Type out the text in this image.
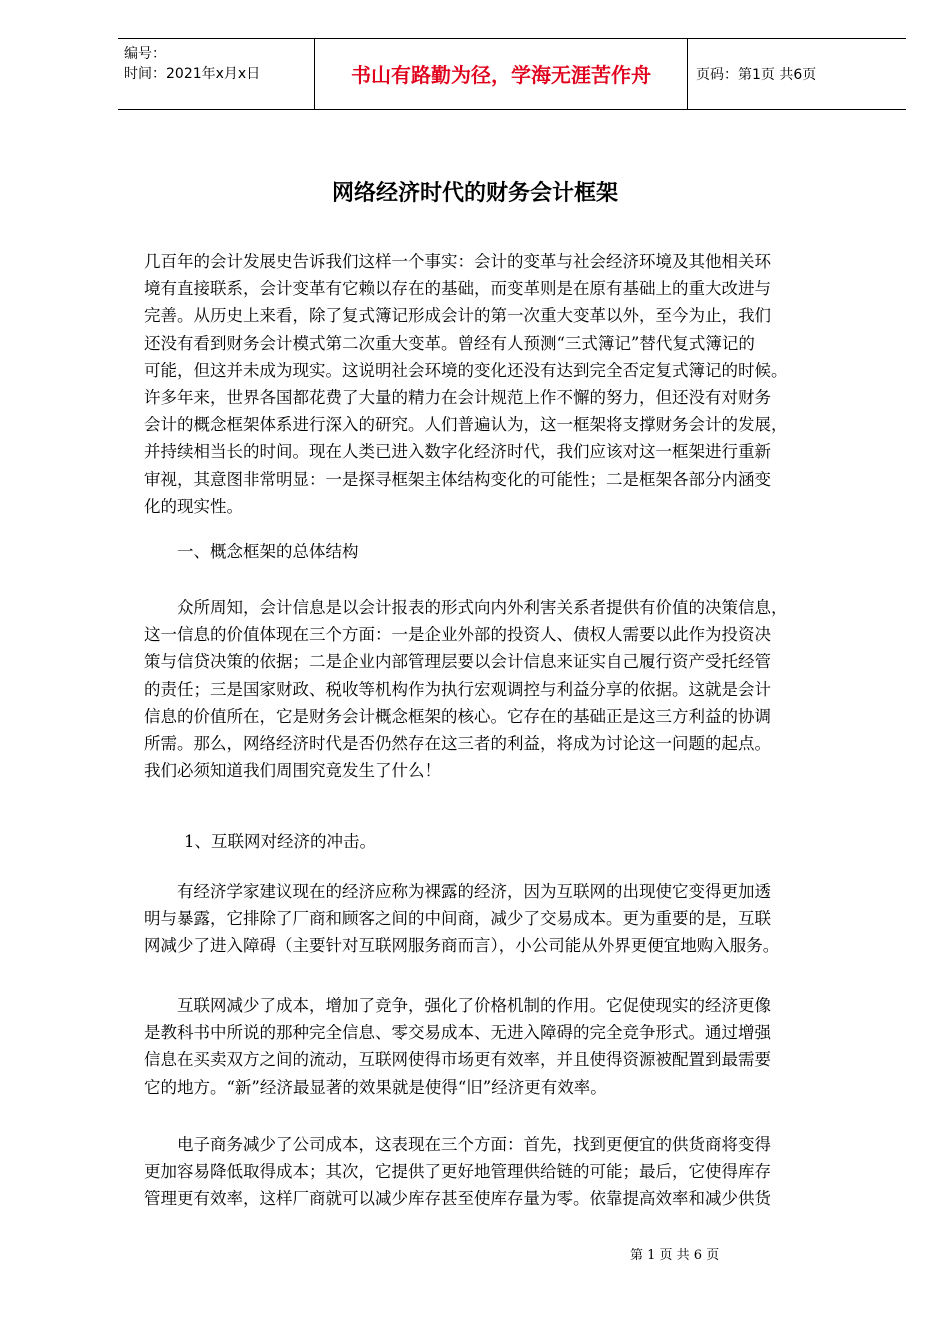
编号：
时间：2021年x月x日	书山有路勤为径，学海无涯苦作舟	页码：第1页 共6页
网络经济时代的财务会计框架
几百年的会计发展史告诉我们这样一个事实：会计的变革与社会经济环境及其他相关环
境有直接联系，会计变革有它赖以存在的基础，而变革则是在原有基础上的重大改进与
完善。从历史上来看，除了复式簿记形成会计的第一次重大变革以外，至今为止，我们
还没有看到财务会计模式第二次重大变革。曾经有人预测“三式簿记”替代复式簿记的
可能，但这并未成为现实。这说明社会环境的变化还没有达到完全否定复式簿记的时候。
许多年来，世界各国都花费了大量的精力在会计规范上作不懈的努力，但还没有对财务
会计的概念框架体系进行深入的研究。人们普遍认为，这一框架将支撑财务会计的发展，
并持续相当长的时间。现在人类已进入数字化经济时代，我们应该对这一框架进行重新
审视，其意图非常明显：一是探寻框架主体结构变化的可能性；二是框架各部分内涵变
化的现实性。
　　一、概念框架的总体结构
　　众所周知，会计信息是以会计报表的形式向内外利害关系者提供有价值的决策信息，
这一信息的价值体现在三个方面：一是企业外部的投资人、债权人需要以此作为投资决
策与信贷决策的依据；二是企业内部管理层要以会计信息来证实自己履行资产受托经管
的责任；三是国家财政、税收等机构作为执行宏观调控与利益分享的依据。这就是会计
信息的价值所在，它是财务会计概念框架的核心。它存在的基础正是这三方利益的协调
所需。那么，网络经济时代是否仍然存在这三者的利益，将成为讨论这一问题的起点。
我们必须知道我们周围究竟发生了什么！
1、互联网对经济的冲击。
　　有经济学家建议现在的经济应称为裸露的经济，因为互联网的出现使它变得更加透
明与暴露，它排除了厂商和顾客之间的中间商，减少了交易成本。更为重要的是，互联
网减少了进入障碍（主要针对互联网服务商而言），小公司能从外界更便宜地购入服务。
　　互联网减少了成本，增加了竞争，强化了价格机制的作用。它促使现实的经济更像
是教科书中所说的那种完全信息、零交易成本、无进入障碍的完全竞争形式。通过增强
信息在买卖双方之间的流动，互联网使得市场更有效率，并且使得资源被配置到最需要
它的地方。“新”经济最显著的效果就是使得“旧”经济更有效率。
　　电子商务减少了公司成本，这表现在三个方面：首先，找到更便宜的供货商将变得
更加容易降低取得成本；其次，它提供了更好地管理供给链的可能；最后，它使得库存
管理更有效率，这样厂商就可以减少库存甚至使库存量为零。依靠提高效率和减少供货
第 1 页 共 6 页
